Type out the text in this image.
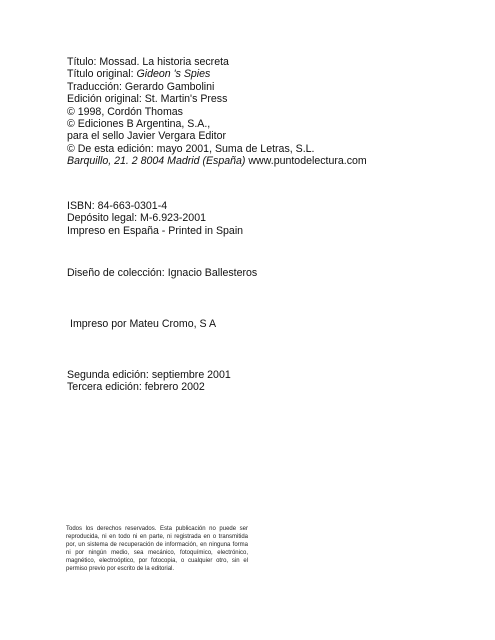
Título: Mossad. La historia secreta
Título original: Gideon 's Spies
Traducción: Gerardo Gambolini
Edición original: St. Martin's Press
© 1998, Cordón Thomas
© Ediciones B Argentina, S.A.,
para el sello Javier Vergara Editor
© De esta edición: mayo 2001, Suma de Letras, S.L.
Barquillo, 21. 2 8004 Madrid (España) www.puntodelectura.com
ISBN: 84-663-0301-4
Depósito legal: M-6.923-2001
Impreso en España - Printed in Spain
Diseño de colección: Ignacio Ballesteros
Impreso por Mateu Cromo, S A
Segunda edición: septiembre 2001
Tercera edición: febrero 2002
Todos los derechos reservados. Esta publicación no puede ser reproducida, ni en todo ni en parte, ni registrada en o transmitida por, un sistema de recuperación de información, en ninguna forma ni por ningún medio, sea mecánico, fotoquímico, electrónico, magnético, electroóptico, por fotocopia, o cualquier otro, sin el permiso previo por escrito de la editorial.
